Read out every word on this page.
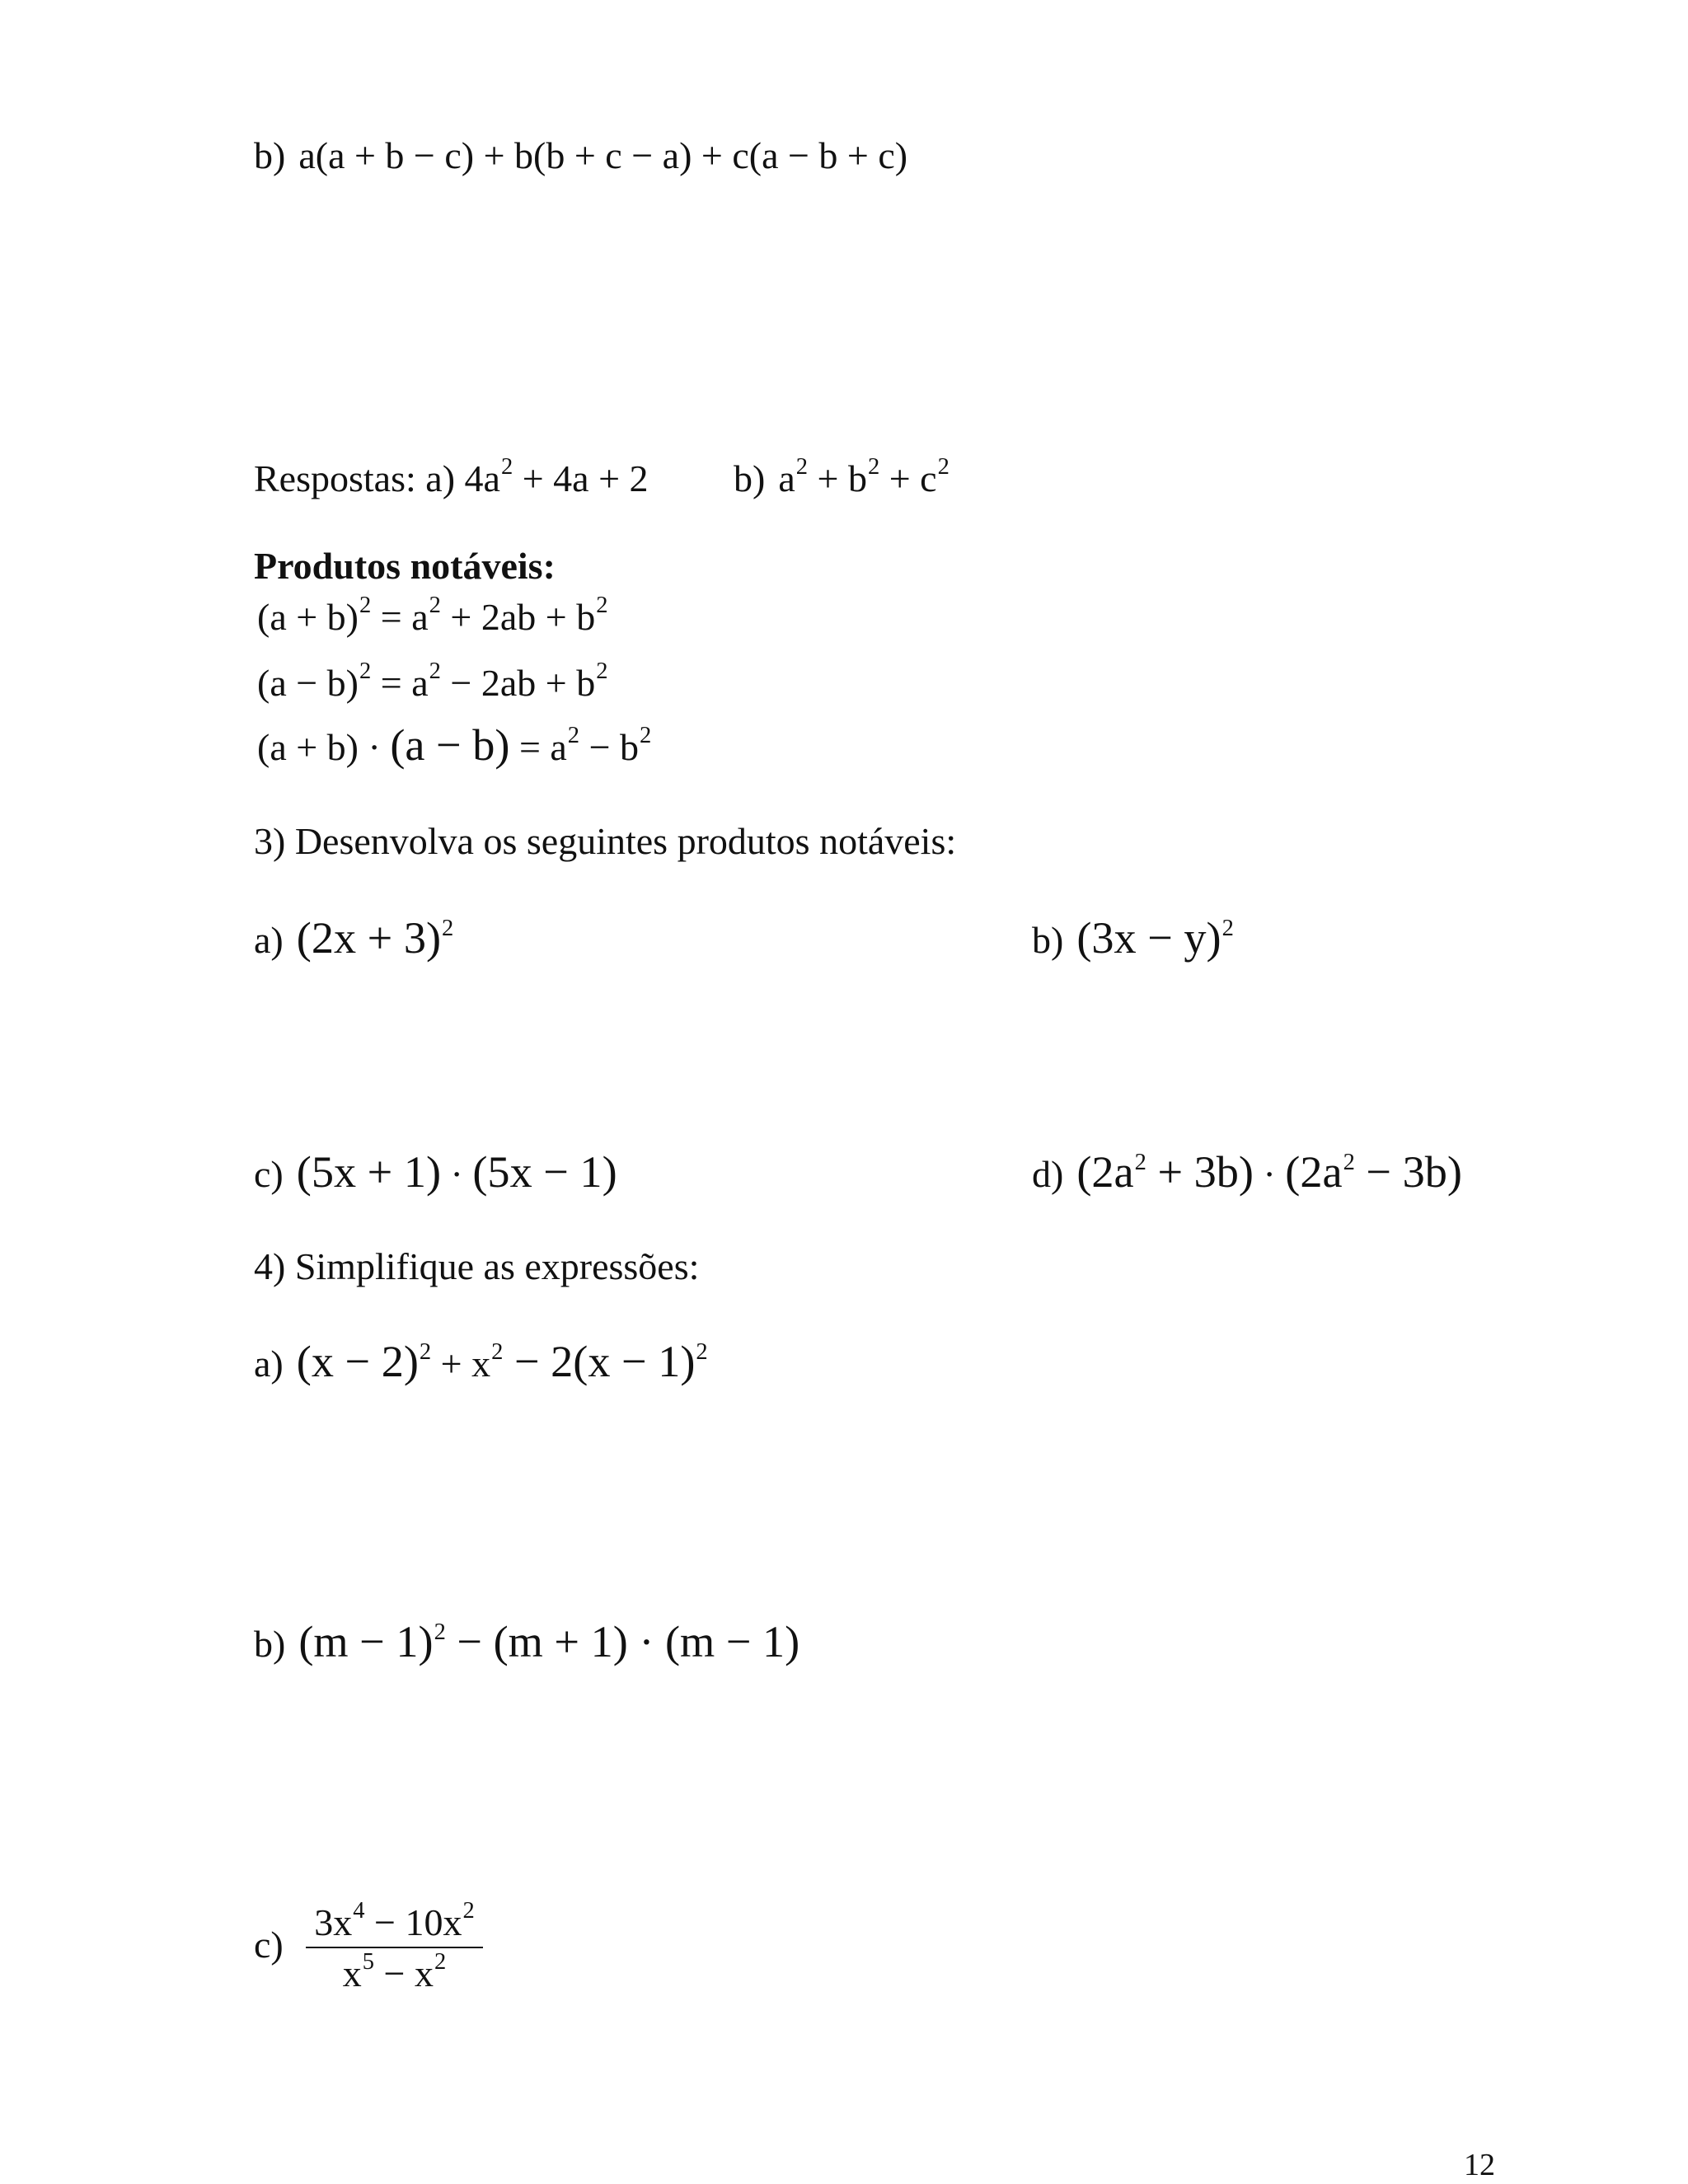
b) a(a + b − c) + b(b + c − a) + c(a − b + c)
Respostas: a) $4a^2 + 4a + 2$ b) $a^2 + b^2 + c^2$
Produtos notáveis:
$(a + b)^2 = a^2 + 2ab + b^2$
$(a - b)^2 = a^2 - 2ab + b^2$
$(a + b) \cdot (a - b) = a^2 - b^2$
3) Desenvolva os seguintes produtos notáveis:
a) $(2x + 3)^2$	b) $(3x - y)^2$
c) (5x + 1) · (5x − 1)	d) $(2a^2 + 3b) \cdot (2a^2 - 3b)$
4) Simplifique as expressões:
a) $(x - 2)^2 + x^2 - 2(x - 1)^2$
b) $(m - 1)^2 - (m + 1) \cdot (m - 1)$
$c) \frac{3x^4 - 10x^2}{x^5 - x^2}$
12
